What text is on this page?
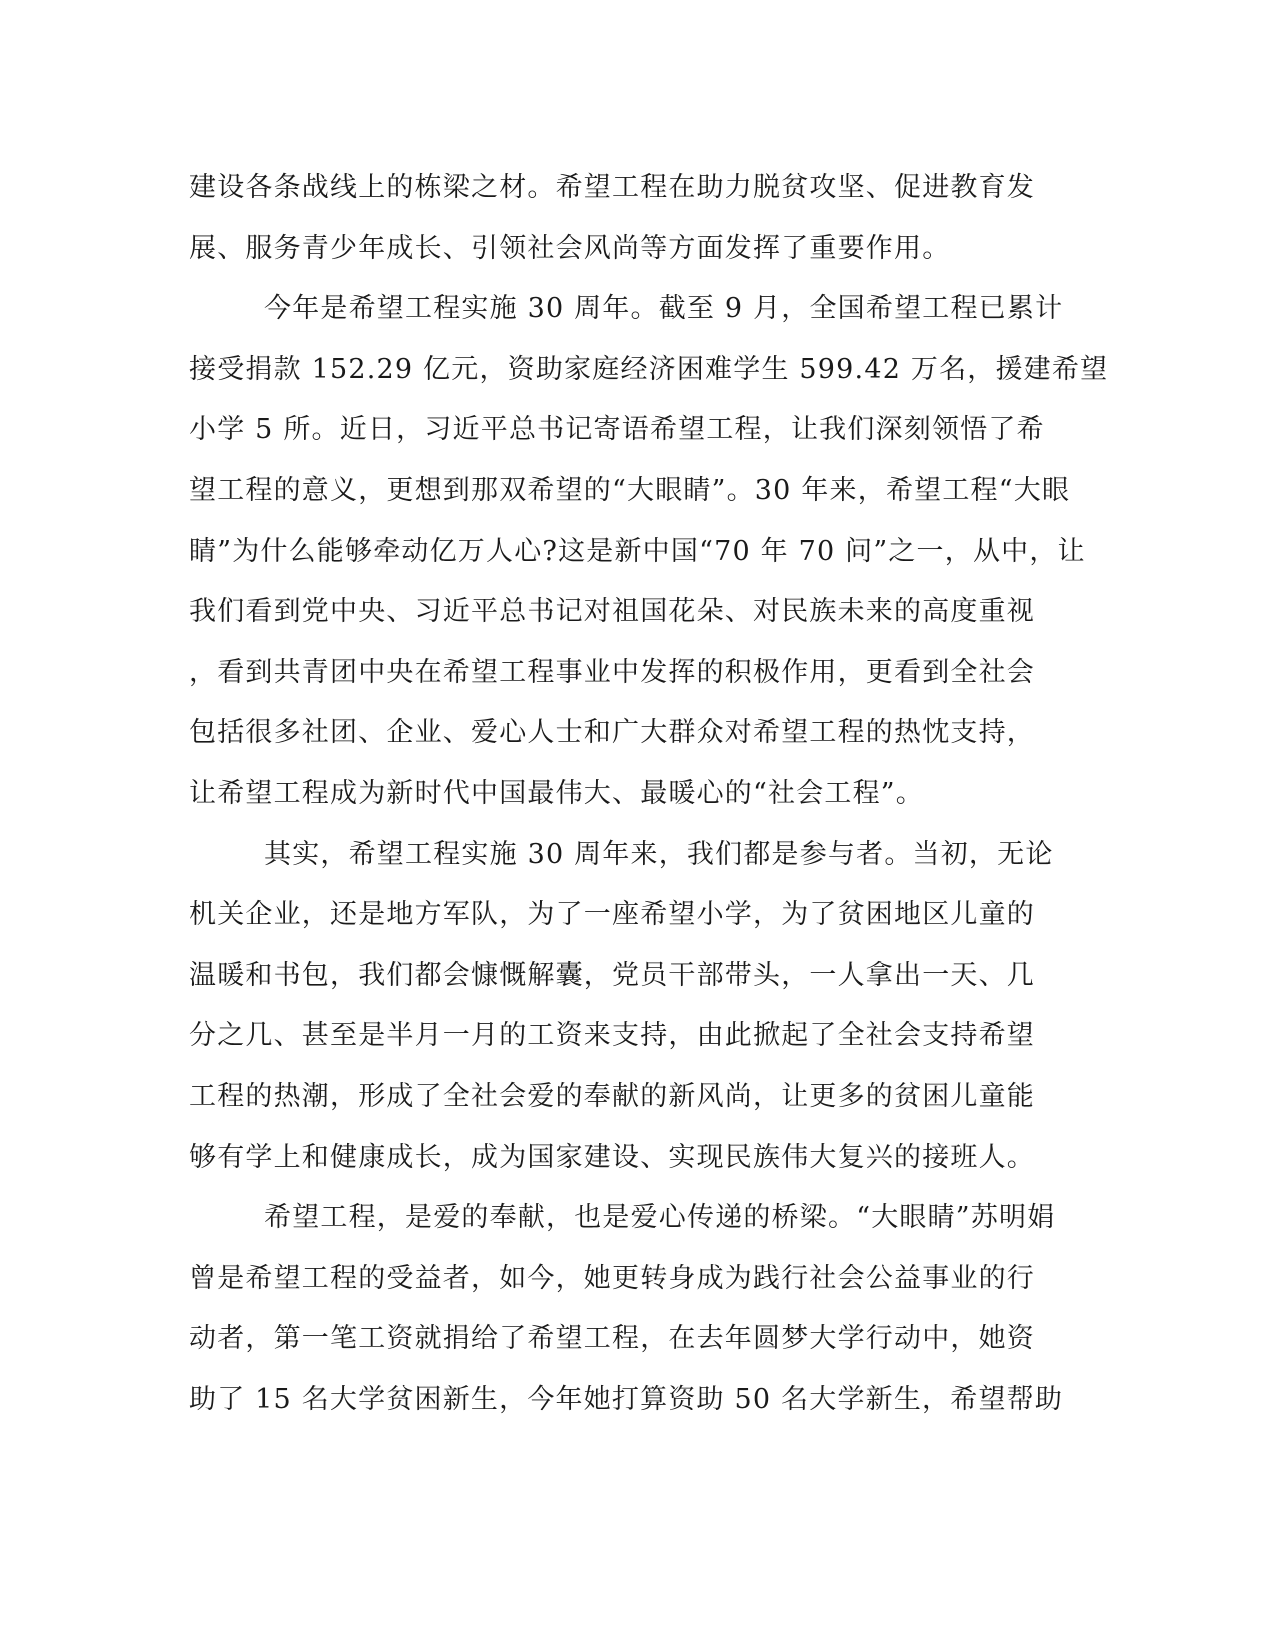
建设各条战线上的栋梁之材。希望工程在助力脱贫攻坚、促进教育发
展、服务青少年成长、引领社会风尚等方面发挥了重要作用。
今年是希望工程实施 30 周年。截至 9 月，全国希望工程已累计
接受捐款 152.29 亿元，资助家庭经济困难学生 599.42 万名，援建希望
小学 5 所。近日，习近平总书记寄语希望工程，让我们深刻领悟了希
望工程的意义，更想到那双希望的“大眼睛”。30 年来，希望工程“大眼
睛”为什么能够牵动亿万人心?这是新中国“70 年 70 问”之一，从中，让
我们看到党中央、习近平总书记对祖国花朵、对民族未来的高度重视
，看到共青团中央在希望工程事业中发挥的积极作用，更看到全社会
包括很多社团、企业、爱心人士和广大群众对希望工程的热忱支持，
让希望工程成为新时代中国最伟大、最暖心的“社会工程”。
其实，希望工程实施 30 周年来，我们都是参与者。当初，无论
机关企业，还是地方军队，为了一座希望小学，为了贫困地区儿童的
温暖和书包，我们都会慷慨解囊，党员干部带头，一人拿出一天、几
分之几、甚至是半月一月的工资来支持，由此掀起了全社会支持希望
工程的热潮，形成了全社会爱的奉献的新风尚，让更多的贫困儿童能
够有学上和健康成长，成为国家建设、实现民族伟大复兴的接班人。
希望工程，是爱的奉献，也是爱心传递的桥梁。“大眼睛”苏明娟
曾是希望工程的受益者，如今，她更转身成为践行社会公益事业的行
动者，第一笔工资就捐给了希望工程，在去年圆梦大学行动中，她资
助了 15 名大学贫困新生，今年她打算资助 50 名大学新生，希望帮助
